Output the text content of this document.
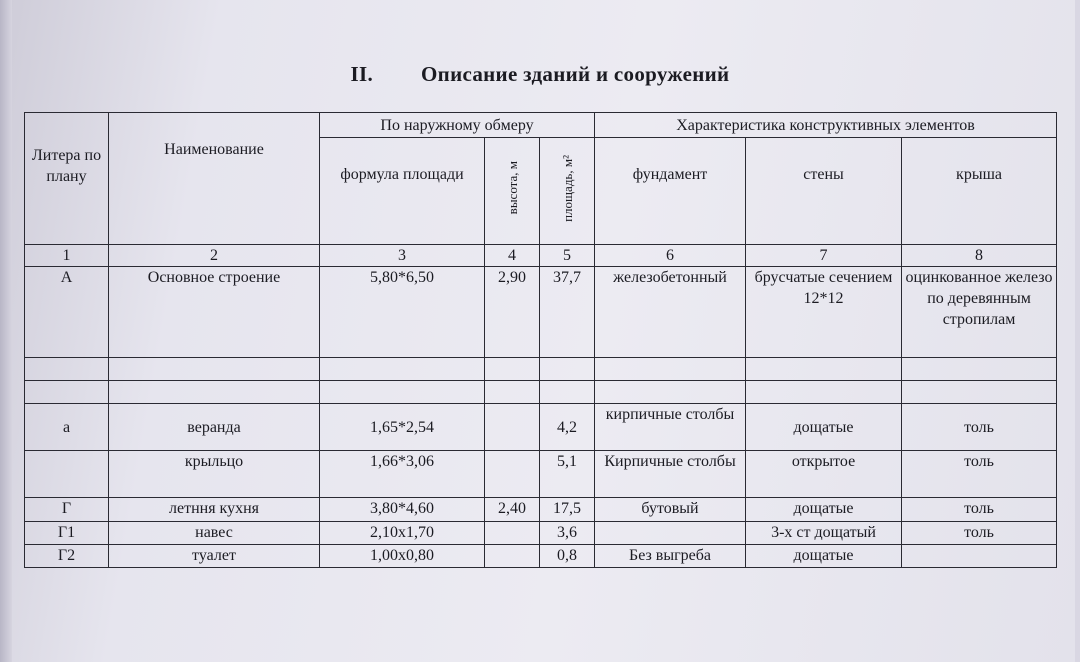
II. Описание зданий и сооружений
Литера по плану	Наименование	По наружному обмеру			Характеристика конструктивных элементов		
		формула площади	высота, м	площадь, м²	фундамент	стены	крыша
1	2	3	4	5	6	7	8
А	Основное строение	5,80*6,50	2,90	37,7	железобетонный	брусчатые сечением 12*12	оцинкованное железо по деревянным стропилам

а	веранда	1,65*2,54		4,2	кирпичные столбы	дощатые	толь
	крыльцо	1,66*3,06		5,1	Кирпичные столбы	открытое	толь
Г	летння кухня	3,80*4,60	2,40	17,5	бутовый	дощатые	толь
Г1	навес	2,10х1,70		3,6		3-х ст дощатый	толь
Г2	туалет	1,00х0,80		0,8	Без выгреба	дощатые	
